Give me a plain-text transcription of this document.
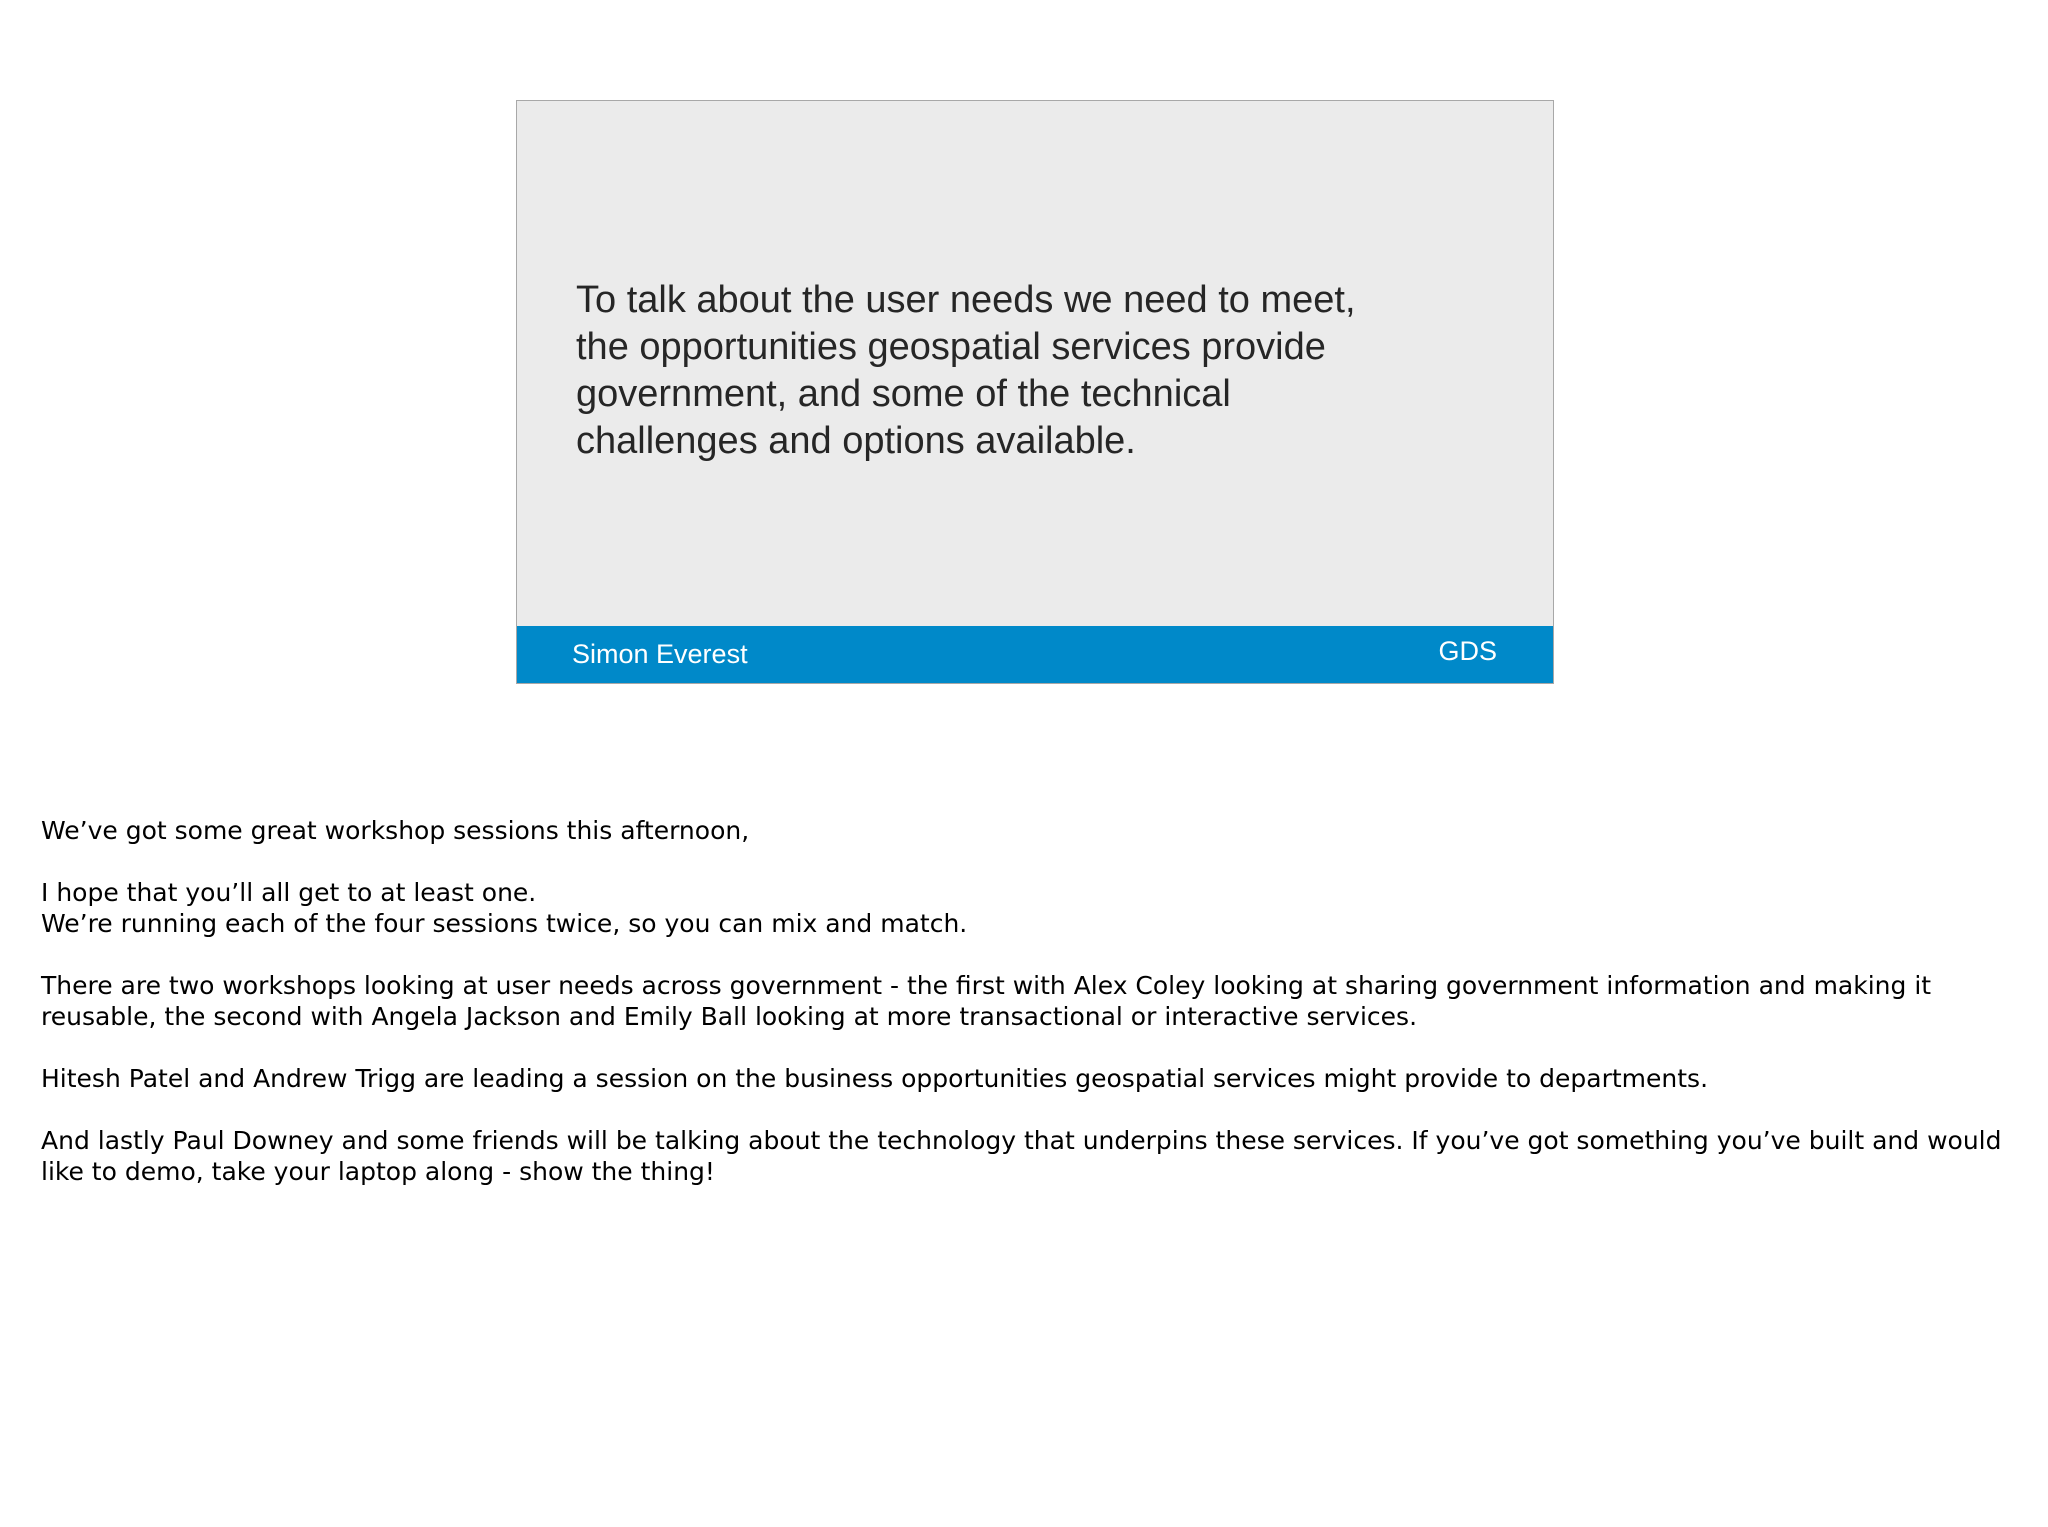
To talk about the user needs we need to meet, the opportunities geospatial services provide government, and some of the technical challenges and options available.

Simon Everest	GDS

We’ve got some great workshop sessions this afternoon,

I hope that you’ll all get to at least one.
We’re running each of the four sessions twice, so you can mix and match.

There are two workshops looking at user needs across government - the first with Alex Coley looking at sharing government information and making it reusable, the second with Angela Jackson and Emily Ball looking at more transactional or interactive services.

Hitesh Patel and Andrew Trigg are leading a session on the business opportunities geospatial services might provide to departments.

And lastly Paul Downey and some friends will be talking about the technology that underpins these services. If you’ve got something you’ve built and would like to demo, take your laptop along - show the thing!
